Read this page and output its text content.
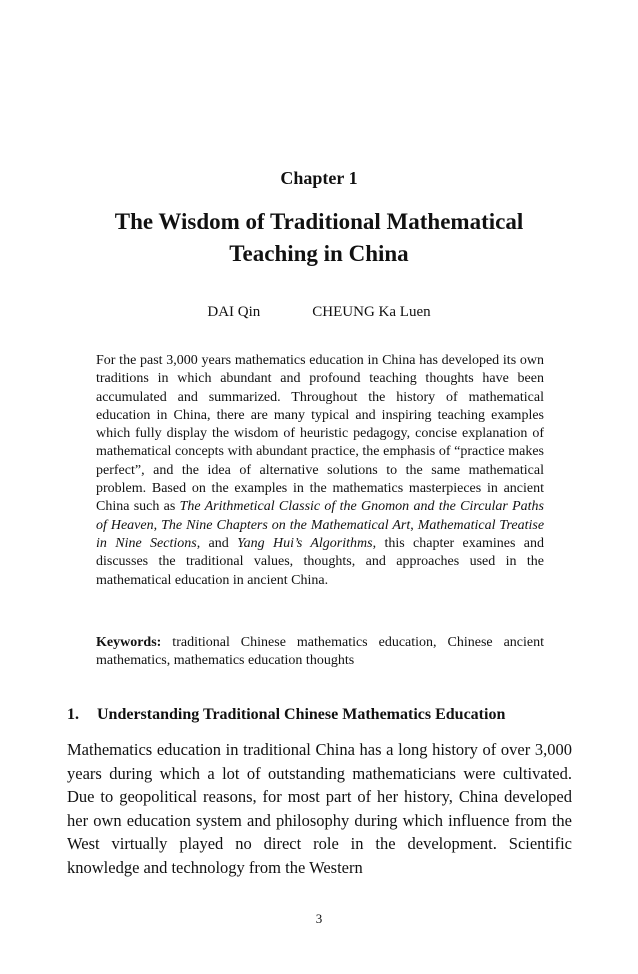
Chapter 1
The Wisdom of Traditional Mathematical
Teaching in China
DAI Qin	CHEUNG Ka Luen

For the past 3,000 years mathematics education in China has developed its own traditions in which abundant and profound teaching thoughts have been accumulated and summarized. Throughout the history of mathematical education in China, there are many typical and inspiring teaching examples which fully display the wisdom of heuristic pedagogy, concise explanation of mathematical concepts with abundant practice, the emphasis of “practice makes perfect”, and the idea of alternative solutions to the same mathematical problem. Based on the examples in the mathematics masterpieces in ancient China such as The Arithmetical Classic of the Gnomon and the Circular Paths of Heaven, The Nine Chapters on the Mathematical Art, Mathematical Treatise in Nine Sections, and Yang Hui’s Algorithms, this chapter examines and discusses the traditional values, thoughts, and approaches used in the mathematical education in ancient China.

Keywords: traditional Chinese mathematics education, Chinese ancient mathematics, mathematics education thoughts

1. Understanding Traditional Chinese Mathematics Education

Mathematics education in traditional China has a long history of over 3,000 years during which a lot of outstanding mathematicians were cultivated. Due to geopolitical reasons, for most part of her history, China developed her own education system and philosophy during which influence from the West virtually played no direct role in the development. Scientific knowledge and technology from the Western

3
